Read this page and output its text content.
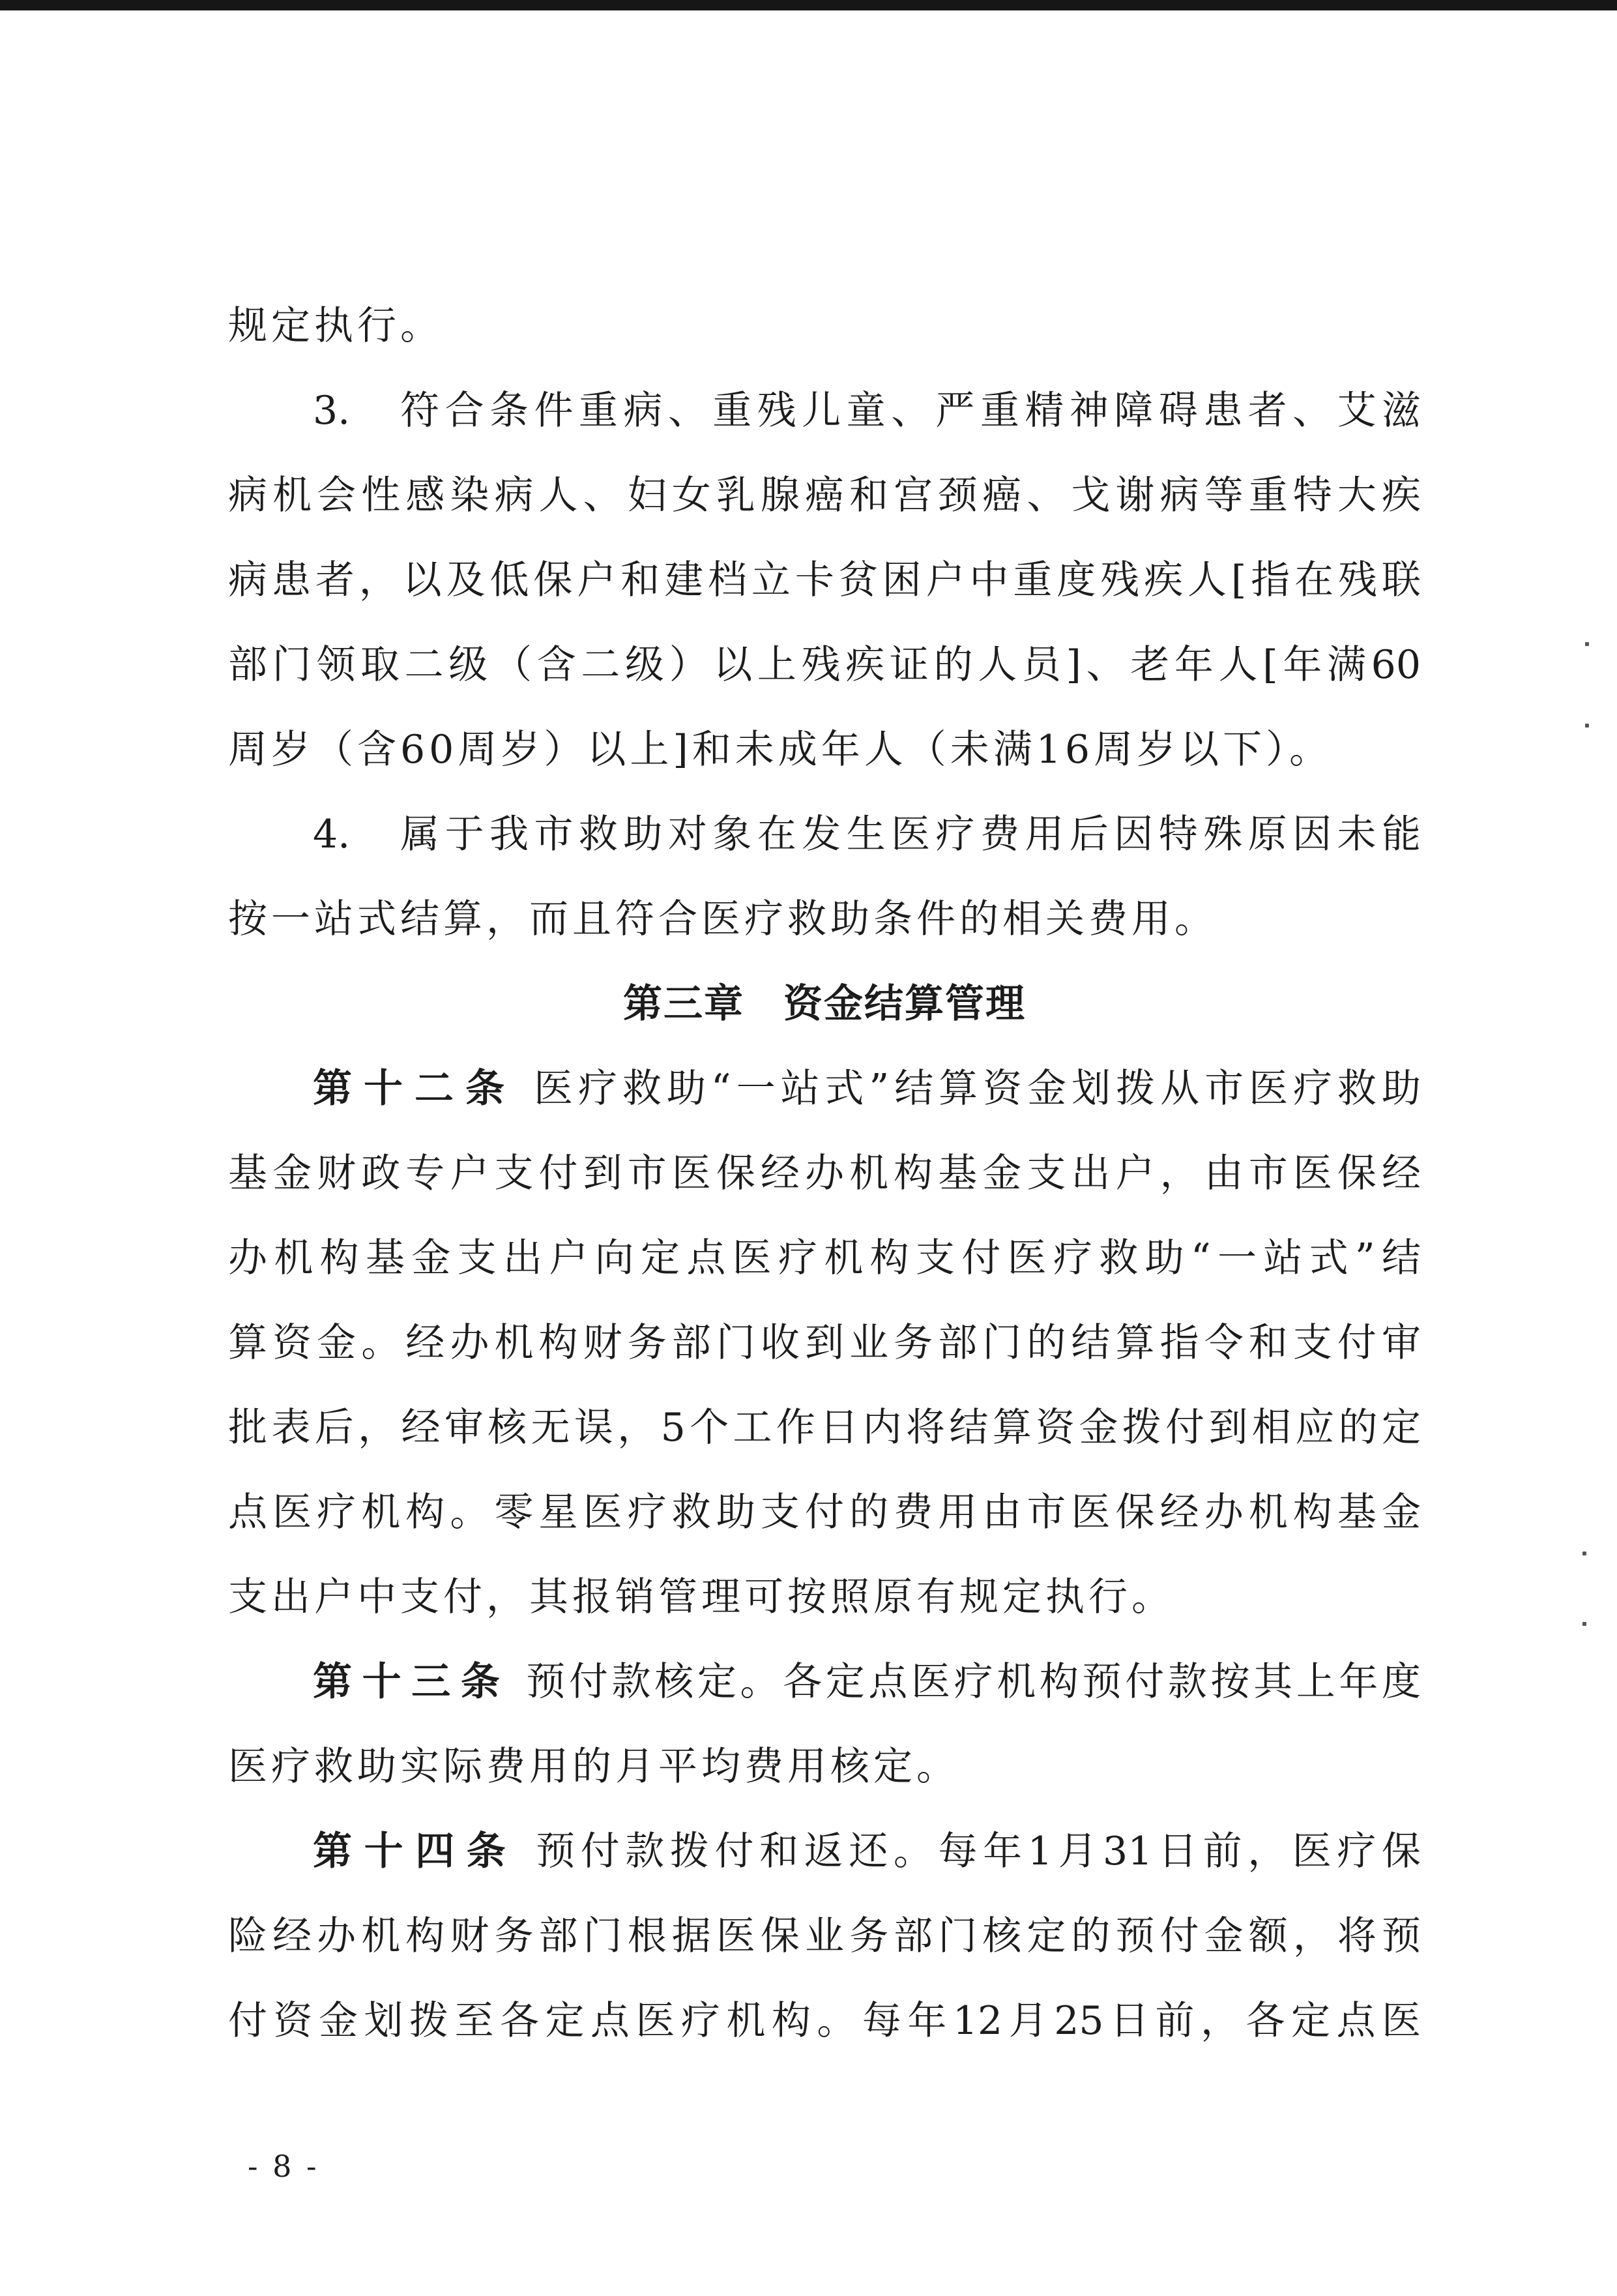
规定执行。
3.　符合条件重病、重残儿童、严重精神障碍患者、艾滋
病机会性感染病人、妇女乳腺癌和宫颈癌、戈谢病等重特大疾
病患者，以及低保户和建档立卡贫困户中重度残疾人[指在残联
部门领取二级（含二级）以上残疾证的人员]、老年人[年满60
周岁（含60周岁）以上]和未成年人（未满16周岁以下）。
4.　属于我市救助对象在发生医疗费用后因特殊原因未能
按一站式结算，而且符合医疗救助条件的相关费用。
第三章 资金结算管理
第十二条 医疗救助“一站式”结算资金划拨从市医疗救助
基金财政专户支付到市医保经办机构基金支出户，由市医保经
办机构基金支出户向定点医疗机构支付医疗救助“一站式”结
算资金。经办机构财务部门收到业务部门的结算指令和支付审
批表后，经审核无误，5个工作日内将结算资金拨付到相应的定
点医疗机构。零星医疗救助支付的费用由市医保经办机构基金
支出户中支付，其报销管理可按照原有规定执行。
第十三条 预付款核定。各定点医疗机构预付款按其上年度
医疗救助实际费用的月平均费用核定。
第十四条 预付款拨付和返还。每年1月31日前，医疗保
险经办机构财务部门根据医保业务部门核定的预付金额，将预
付资金划拨至各定点医疗机构。每年12月25日前，各定点医
- 8 -
